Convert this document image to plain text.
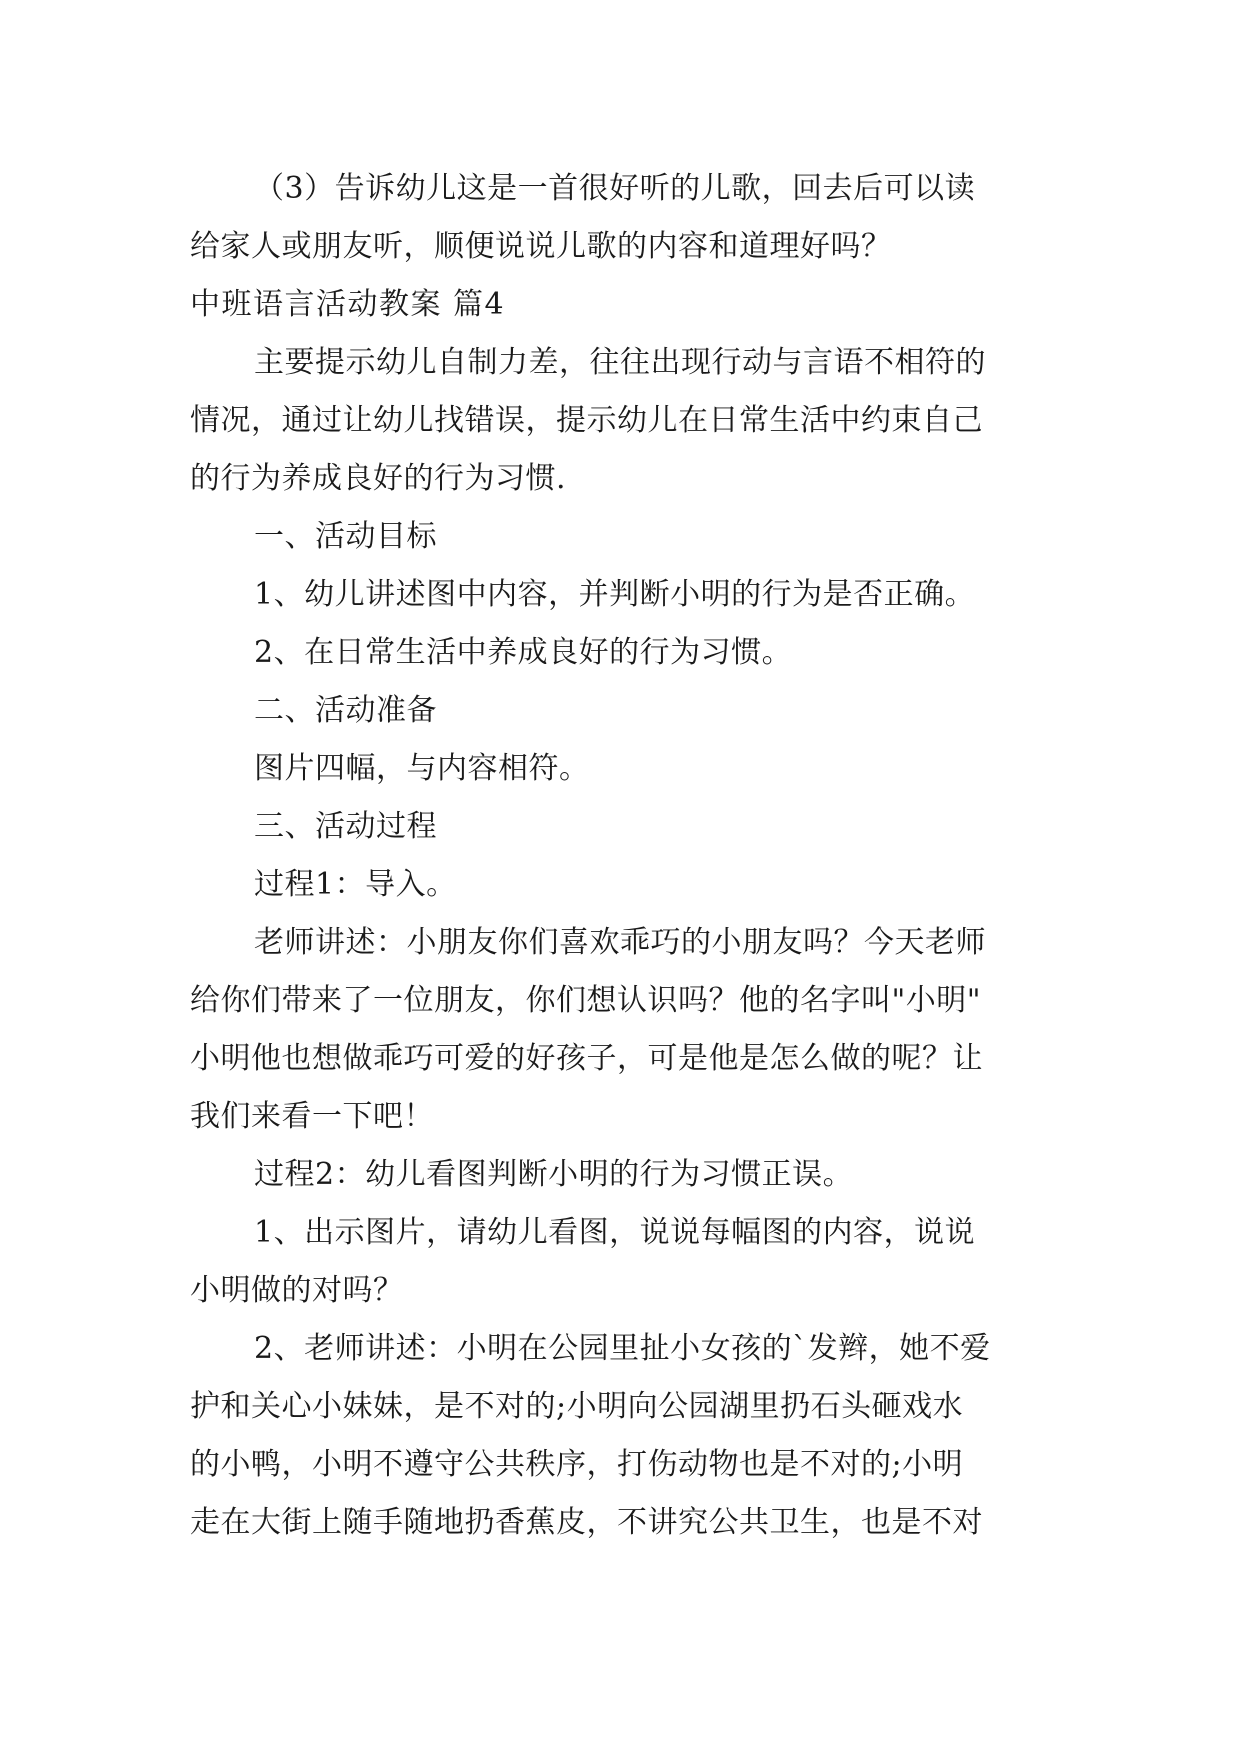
（3）告诉幼儿这是一首很好听的儿歌，回去后可以读
给家人或朋友听，顺便说说儿歌的内容和道理好吗？
中班语言活动教案 篇4
主要提示幼儿自制力差，往往出现行动与言语不相符的
情况，通过让幼儿找错误，提示幼儿在日常生活中约束自己
的行为养成良好的行为习惯.
一、活动目标
1、幼儿讲述图中内容，并判断小明的行为是否正确。
2、在日常生活中养成良好的行为习惯。
二、活动准备
图片四幅，与内容相符。
三、活动过程
过程1：导入。
老师讲述：小朋友你们喜欢乖巧的小朋友吗？今天老师
给你们带来了一位朋友，你们想认识吗？他的名字叫"小明"
小明他也想做乖巧可爱的好孩子，可是他是怎么做的呢？让
我们来看一下吧！
过程2：幼儿看图判断小明的行为习惯正误。
1、出示图片，请幼儿看图，说说每幅图的内容，说说
小明做的对吗？
2、老师讲述：小明在公园里扯小女孩的`发辫，她不爱
护和关心小妹妹，是不对的;小明向公园湖里扔石头砸戏水
的小鸭，小明不遵守公共秩序，打伤动物也是不对的;小明
走在大街上随手随地扔香蕉皮，不讲究公共卫生，也是不对
